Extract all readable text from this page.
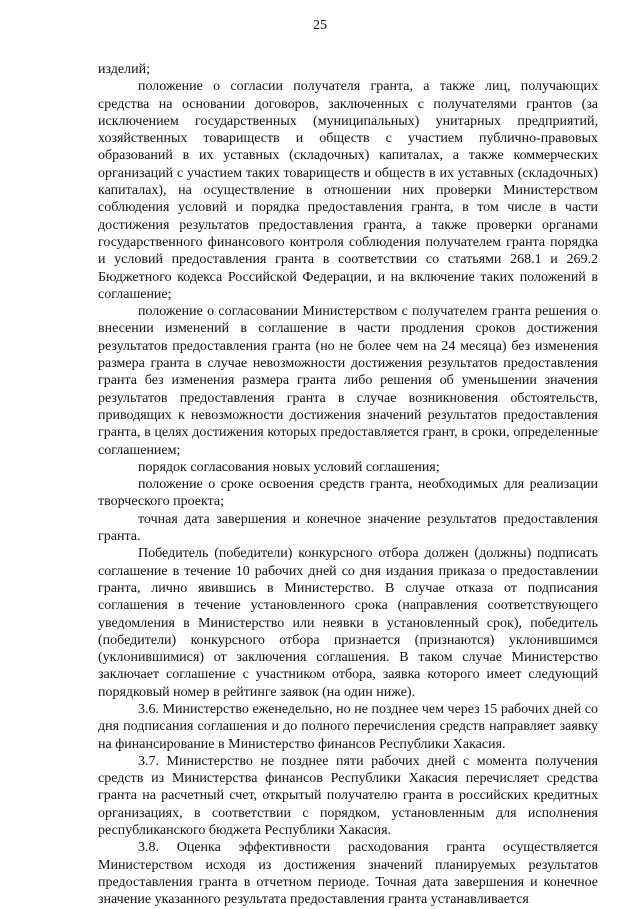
25

изделий;

положение о согласии получателя гранта, а также лиц, получающих средства на основании договоров, заключенных с получателями грантов (за исключением государственных (муниципальных) унитарных предприятий, хозяйственных товариществ и обществ с участием публично-правовых образований в их уставных (складочных) капиталах, а также коммерческих организаций с участием таких товариществ и обществ в их уставных (складочных) капиталах), на осуществление в отношении них проверки Министерством соблюдения условий и порядка предоставления гранта, в том числе в части достижения результатов предоставления гранта, а также проверки органами государственного финансового контроля соблюдения получателем гранта порядка и условий предоставления гранта в соответствии со статьями 268.1 и 269.2 Бюджетного кодекса Российской Федерации, и на включение таких положений в соглашение;

положение о согласовании Министерством с получателем гранта решения о внесении изменений в соглашение в части продления сроков достижения результатов предоставления гранта (но не более чем на 24 месяца) без изменения размера гранта в случае невозможности достижения результатов предоставления гранта без изменения размера гранта либо решения об уменьшении значения результатов предоставления гранта в случае возникновения обстоятельств, приводящих к невозможности достижения значений результатов предоставления гранта, в целях достижения которых предоставляется грант, в сроки, определенные соглашением;

порядок согласования новых условий соглашения;

положение о сроке освоения средств гранта, необходимых для реализации творческого проекта;

точная дата завершения и конечное значение результатов предоставления гранта.

Победитель (победители) конкурсного отбора должен (должны) подписать соглашение в течение 10 рабочих дней со дня издания приказа о предоставлении гранта, лично явившись в Министерство. В случае отказа от подписания соглашения в течение установленного срока (направления соответствующего уведомления в Министерство или неявки в установленный срок), победитель (победители) конкурсного отбора признается (признаются) уклонившимся (уклонившимися) от заключения соглашения. В таком случае Министерство заключает соглашение с участником отбора, заявка которого имеет следующий порядковый номер в рейтинге заявок (на один ниже).

3.6. Министерство еженедельно, но не позднее чем через 15 рабочих дней со дня подписания соглашения и до полного перечисления средств направляет заявку на финансирование в Министерство финансов Республики Хакасия.

3.7. Министерство не позднее пяти рабочих дней с момента получения средств из Министерства финансов Республики Хакасия перечисляет средства гранта на расчетный счет, открытый получателю гранта в российских кредитных организациях, в соответствии с порядком, установленным для исполнения республиканского бюджета Республики Хакасия.

3.8. Оценка эффективности расходования гранта осуществляется Министерством исходя из достижения значений планируемых результатов предоставления гранта в отчетном периоде. Точная дата завершения и конечное значение указанного результата предоставления гранта устанавливается
